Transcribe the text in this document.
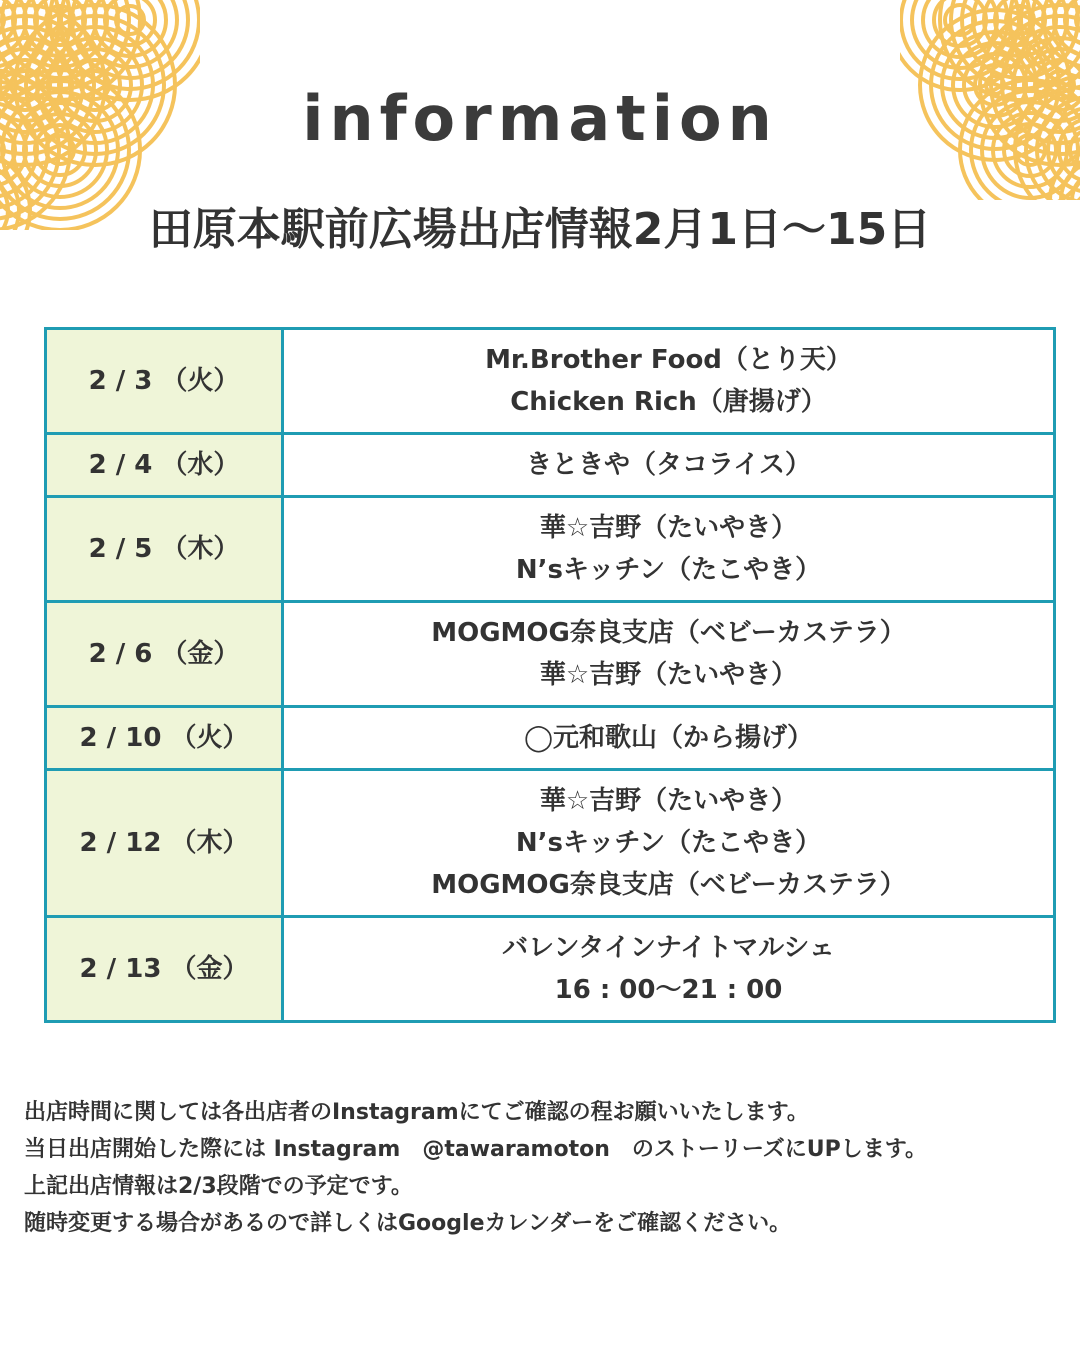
information
田原本駅前広場出店情報2月1日〜15日
2 / 3 （火）	Mr.Brother Food（とり天）
Chicken Rich（唐揚げ）

2 / 4 （水）	きときや（タコライス）

2 / 5 （木）	華☆吉野（たいやき）
N’sキッチン（たこやき）

2 / 6 （金）	MOGMOG奈良支店（ベビーカステラ）
華☆吉野（たいやき）

2 / 10 （火）	◯元和歌山（から揚げ）

2 / 12 （木）	華☆吉野（たいやき）
N’sキッチン（たこやき）
MOGMOG奈良支店（ベビーカステラ）

2 / 13 （金）	バレンタインナイトマルシェ
16 : 00〜21 : 00
出店時間に関しては各出店者のInstagramにてご確認の程お願いいたします。
当日出店開始した際には Instagram　@tawaramoton　のストーリーズにUPします。
上記出店情報は2/3段階での予定です。
随時変更する場合があるので詳しくはGoogleカレンダーをご確認ください。
